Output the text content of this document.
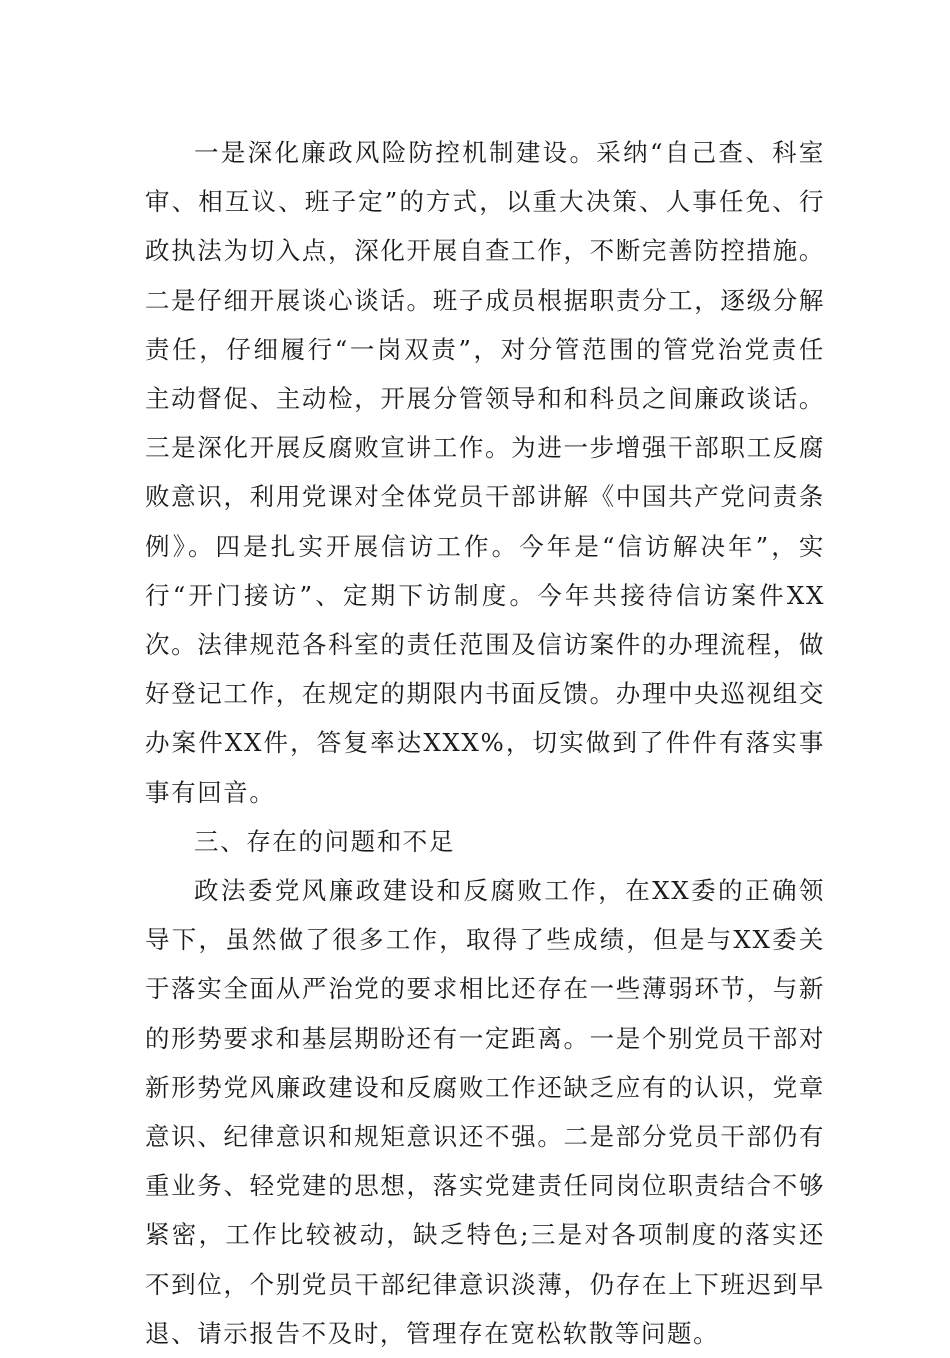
一是深化廉政风险防控机制建设。采纳“自己查、科室审、相互议、班子定”的方式，以重大决策、人事任免、行政执法为切入点，深化开展自查工作，不断完善防控措施。二是仔细开展谈心谈话。班子成员根据职责分工，逐级分解责任，仔细履行“一岗双责”，对分管范围的管党治党责任主动督促、主动检，开展分管领导和和科员之间廉政谈话。三是深化开展反腐败宣讲工作。为进一步增强干部职工反腐败意识，利用党课对全体党员干部讲解《中国共产党问责条例》。四是扎实开展信访工作。今年是“信访解决年”，实行“开门接访”、定期下访制度。今年共接待信访案件XX次。法律规范各科室的责任范围及信访案件的办理流程，做好登记工作，在规定的期限内书面反馈。办理中央巡视组交办案件XX件，答复率达XXX%，切实做到了件件有落实事事有回音。

三、存在的问题和不足

政法委党风廉政建设和反腐败工作，在XX委的正确领导下，虽然做了很多工作，取得了些成绩，但是与XX委关于落实全面从严治党的要求相比还存在一些薄弱环节，与新的形势要求和基层期盼还有一定距离。一是个别党员干部对新形势党风廉政建设和反腐败工作还缺乏应有的认识，党章意识、纪律意识和规矩意识还不强。二是部分党员干部仍有重业务、轻党建的思想，落实党建责任同岗位职责结合不够紧密，工作比较被动，缺乏特色;三是对各项制度的落实还不到位，个别党员干部纪律意识淡薄，仍存在上下班迟到早退、请示报告不及时，管理存在宽松软散等问题。
